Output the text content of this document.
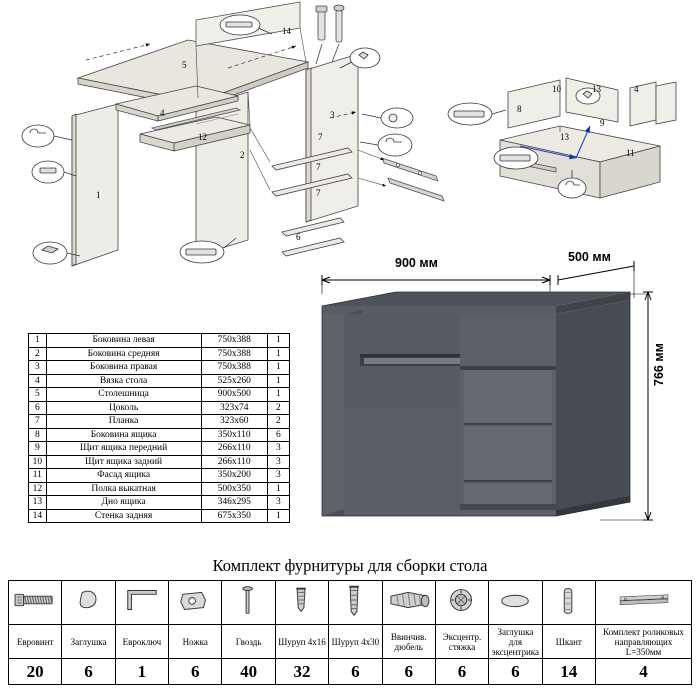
1
2
3
4
5
6
7
7
7
12
14
8
10	4
9
11
13
13
1	Боковина левая	750x388	1
2	Боковина средняя	750x388	1
3	Боковина правая	750x388	1
4	Вязка стола	525x260	1
5	Столешница	900x500	1
6	Цоколь	323x74	2
7	Планка	323x60	2
8	Боковина ящика	350x110	6
9	Щит ящика передний	266x110	3
10	Щит ящика задний	266x110	3
11	Фасад ящика	350x200	3
12	Полка выкатная	500x350	1
13	Дно ящика	346x295	3
14	Стенка задняя	675x350	1
900 мм	500 мм
766 мм
Комплект фурнитуры для сборки стола

Евровинт	Заглушка	Евроключ	Ножка	Гвоздь	Шуруп 4х16	Шуруп 4х30	Ввинчив. дюбель	Эксцентр. стяжка	Заглушка для эксцентрика	Шкант	Комплект роликовых направляющих L=350мм
20	6	1	6	40	32	6	6	6	6	14	4
